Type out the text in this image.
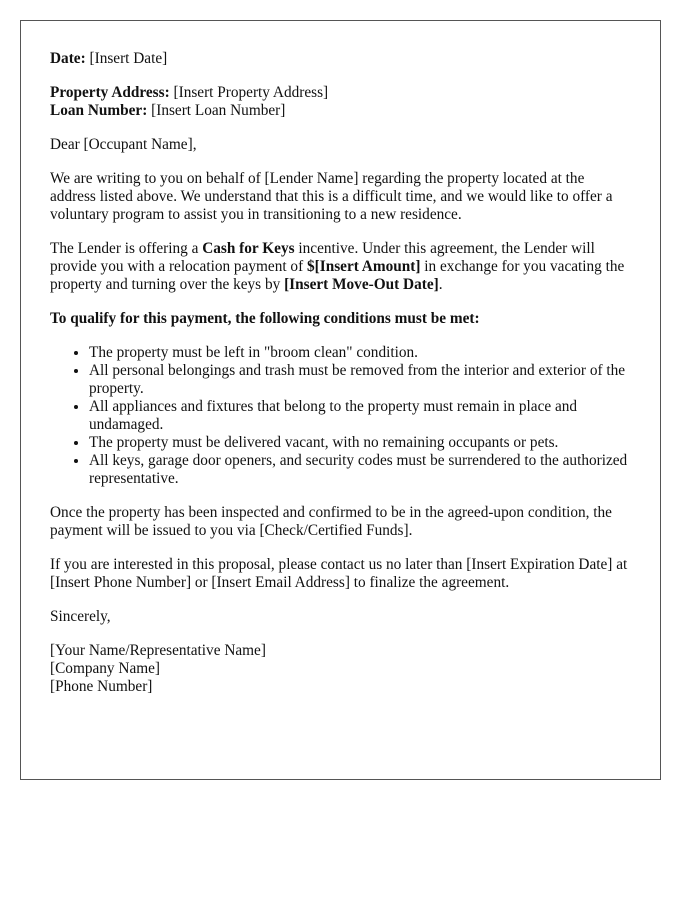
Date: [Insert Date]

Property Address: [Insert Property Address]

Loan Number: [Insert Loan Number]

Dear [Occupant Name],

We are writing to you on behalf of [Lender Name] regarding the property located at the address listed above. We understand that this is a difficult time, and we would like to offer a voluntary program to assist you in transitioning to a new residence.

The Lender is offering a Cash for Keys incentive. Under this agreement, the Lender will provide you with a relocation payment of $[Insert Amount] in exchange for you vacating the property and turning over the keys by [Insert Move-Out Date].

To qualify for this payment, the following conditions must be met:

• The property must be left in "broom clean" condition.
• All personal belongings and trash must be removed from the interior and exterior of the property.
• All appliances and fixtures that belong to the property must remain in place and undamaged.
• The property must be delivered vacant, with no remaining occupants or pets.
• All keys, garage door openers, and security codes must be surrendered to the authorized representative.

Once the property has been inspected and confirmed to be in the agreed-upon condition, the payment will be issued to you via [Check/Certified Funds].

If you are interested in this proposal, please contact us no later than [Insert Expiration Date] at [Insert Phone Number] or [Insert Email Address] to finalize the agreement.

Sincerely,

[Your Name/Representative Name]

[Company Name]

[Phone Number]
